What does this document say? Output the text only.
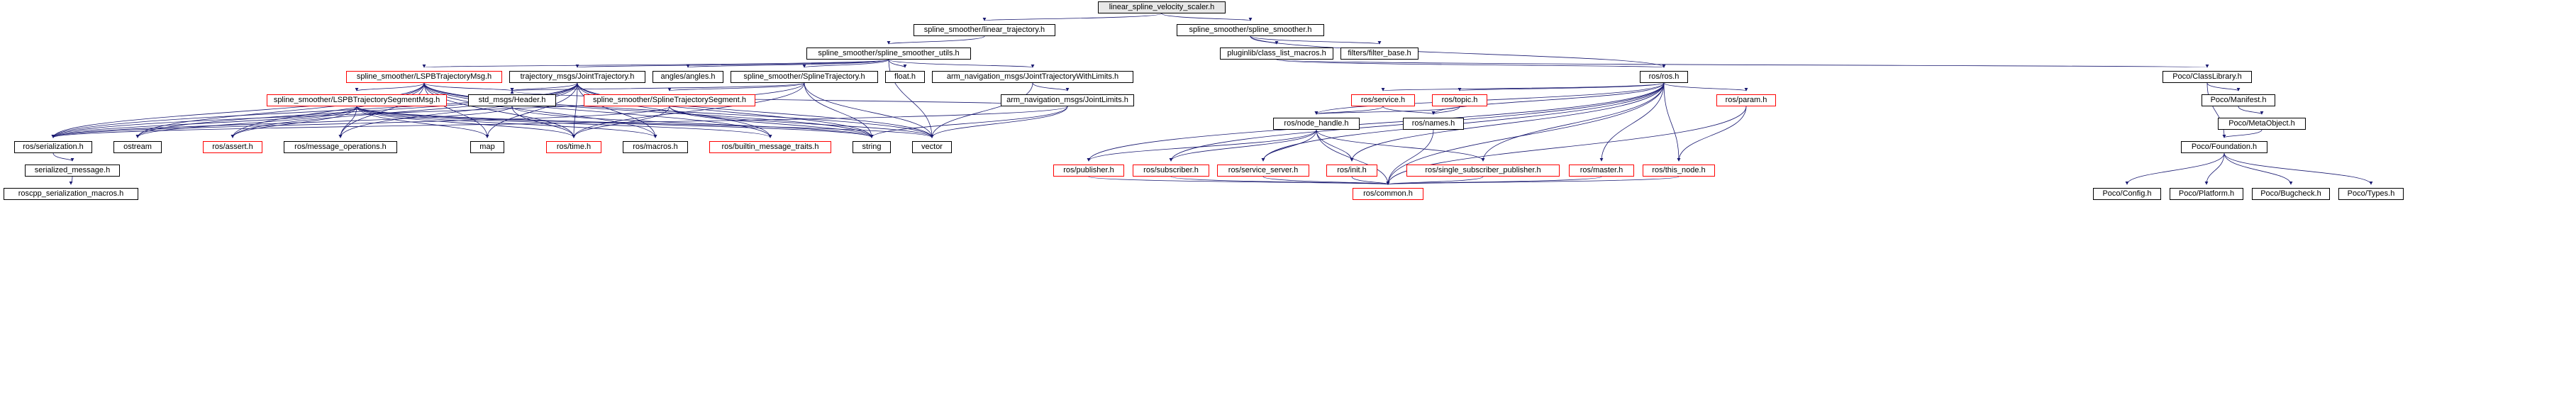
linear_spline_velocity_scaler.h
spline_smoother/linear_trajectory.h	spline_smoother/spline_smoother.h
pluginlib/class_list_macros.h	filters/filter_base.h
spline_smoother/spline_smoother_utils.h
spline_smoother/LSPBTrajectoryMsg.h	trajectory_msgs/JointTrajectory.h	angles/angles.h	spline_smoother/SplineTrajectory.h	float.h	arm_navigation_msgs/JointTrajectoryWithLimits.h	ros/ros.h	Poco/ClassLibrary.h
spline_smoother/LSPBTrajectorySegmentMsg.h	std_msgs/Header.h	spline_smoother/SplineTrajectorySegment.h	arm_navigation_msgs/JointLimits.h	ros/service.h	ros/topic.h	ros/param.h	Poco/Manifest.h
ros/node_handle.h	ros/names.h	Poco/MetaObject.h
ros/serialization.h	ostream	ros/assert.h	ros/message_operations.h	map	ros/time.h	ros/macros.h	ros/builtin_message_traits.h	string	vector	Poco/Foundation.h
ros/publisher.h	ros/subscriber.h	ros/service_server.h	ros/init.h	ros/single_subscriber_publisher.h	ros/master.h	ros/this_node.h
serialized_message.h
ros/common.h
roscpp_serialization_macros.h	Poco/Config.h	Poco/Platform.h	Poco/Bugcheck.h	Poco/Types.h
